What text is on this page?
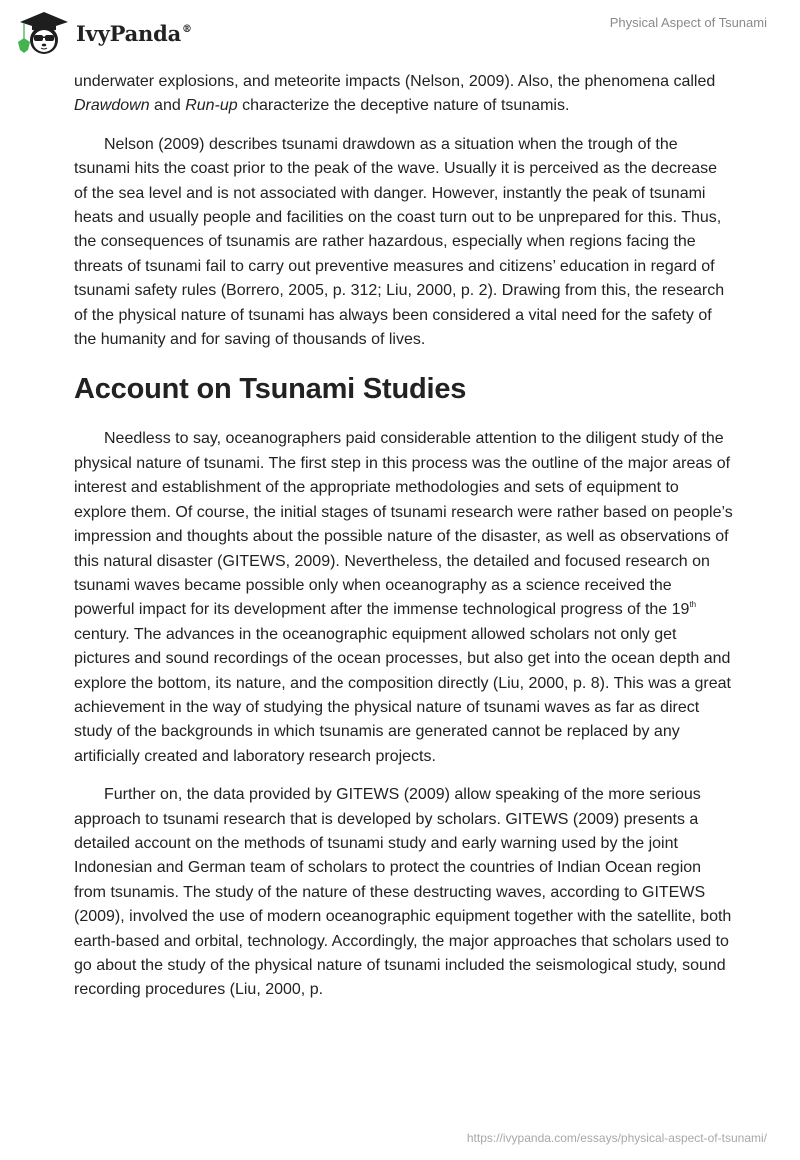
IvyPanda®	Physical Aspect of Tsunami

underwater explosions, and meteorite impacts (Nelson, 2009). Also, the phenomena called Drawdown and Run-up characterize the deceptive nature of tsunamis.

Nelson (2009) describes tsunami drawdown as a situation when the trough of the tsunami hits the coast prior to the peak of the wave. Usually it is perceived as the decrease of the sea level and is not associated with danger. However, instantly the peak of tsunami heats and usually people and facilities on the coast turn out to be unprepared for this. Thus, the consequences of tsunamis are rather hazardous, especially when regions facing the threats of tsunami fail to carry out preventive measures and citizens’ education in regard of tsunami safety rules (Borrero, 2005, p. 312; Liu, 2000, p. 2). Drawing from this, the research of the physical nature of tsunami has always been considered a vital need for the safety of the humanity and for saving of thousands of lives.

Account on Tsunami Studies

Needless to say, oceanographers paid considerable attention to the diligent study of the physical nature of tsunami. The first step in this process was the outline of the major areas of interest and establishment of the appropriate methodologies and sets of equipment to explore them. Of course, the initial stages of tsunami research were rather based on people’s impression and thoughts about the possible nature of the disaster, as well as observations of this natural disaster (GITEWS, 2009). Nevertheless, the detailed and focused research on tsunami waves became possible only when oceanography as a science received the powerful impact for its development after the immense technological progress of the 19th century. The advances in the oceanographic equipment allowed scholars not only get pictures and sound recordings of the ocean processes, but also get into the ocean depth and explore the bottom, its nature, and the composition directly (Liu, 2000, p. 8). This was a great achievement in the way of studying the physical nature of tsunami waves as far as direct study of the backgrounds in which tsunamis are generated cannot be replaced by any artificially created and laboratory research projects.

Further on, the data provided by GITEWS (2009) allow speaking of the more serious approach to tsunami research that is developed by scholars. GITEWS (2009) presents a detailed account on the methods of tsunami study and early warning used by the joint Indonesian and German team of scholars to protect the countries of Indian Ocean region from tsunamis. The study of the nature of these destructing waves, according to GITEWS (2009), involved the use of modern oceanographic equipment together with the satellite, both earth-based and orbital, technology. Accordingly, the major approaches that scholars used to go about the study of the physical nature of tsunami included the seismological study, sound recording procedures (Liu, 2000, p.

https://ivypanda.com/essays/physical-aspect-of-tsunami/
